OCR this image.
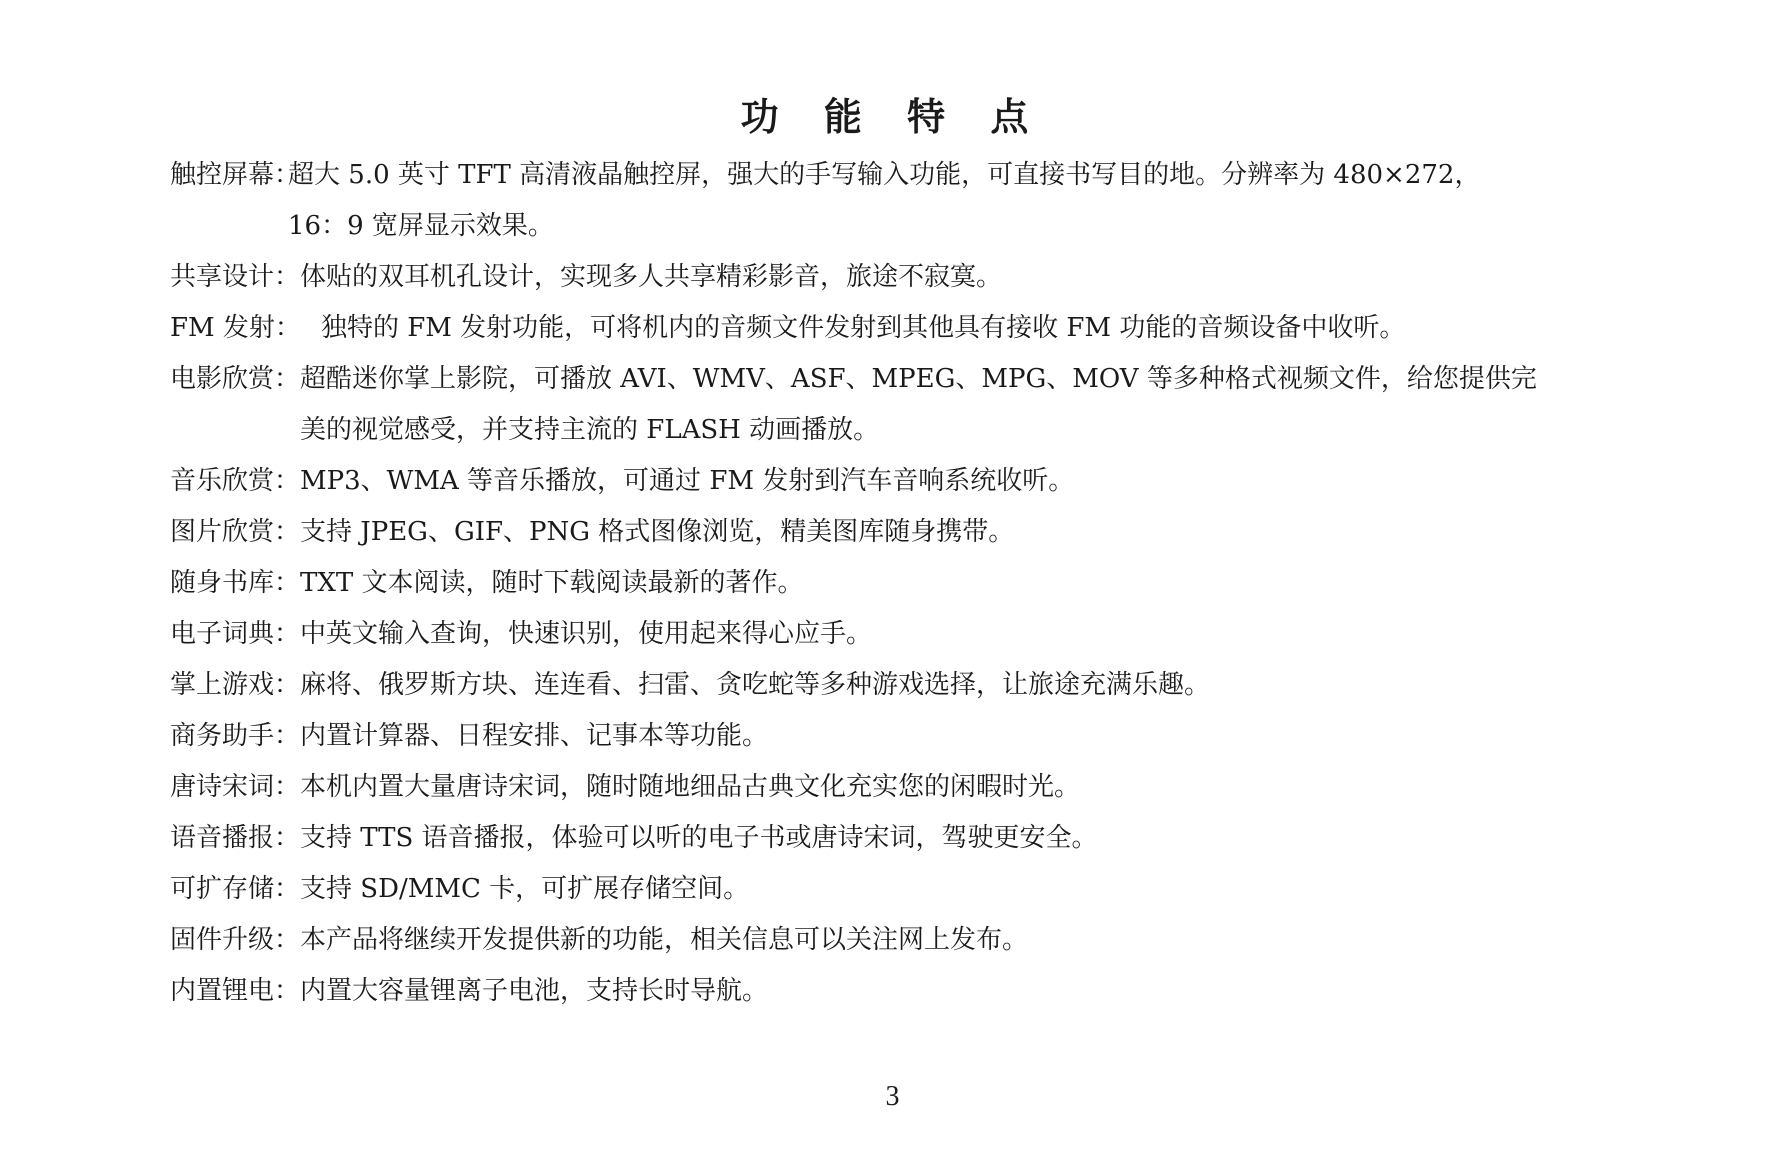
功 能 特 点
触控屏幕：
超大 5.0 英寸 TFT 高清液晶触控屏，强大的手写输入功能，可直接书写目的地。分辨率为 480×272，
16：9 宽屏显示效果。
共享设计： 体贴的双耳机孔设计，实现多人共享精彩影音，旅途不寂寞。
FM 发射： 独特的 FM 发射功能，可将机内的音频文件发射到其他具有接收 FM 功能的音频设备中收听。
电影欣赏： 超酷迷你掌上影院，可播放 AVI、WMV、ASF、MPEG、MPG、MOV 等多种格式视频文件，给您提供完
美的视觉感受，并支持主流的 FLASH 动画播放。
音乐欣赏： MP3、WMA 等音乐播放，可通过 FM 发射到汽车音响系统收听。
图片欣赏： 支持 JPEG、GIF、PNG 格式图像浏览，精美图库随身携带。
随身书库： TXT 文本阅读，随时下载阅读最新的著作。
电子词典： 中英文输入查询，快速识别，使用起来得心应手。
掌上游戏： 麻将、俄罗斯方块、连连看、扫雷、贪吃蛇等多种游戏选择，让旅途充满乐趣。
商务助手： 内置计算器、日程安排、记事本等功能。
唐诗宋词： 本机内置大量唐诗宋词，随时随地细品古典文化充实您的闲暇时光。
语音播报： 支持 TTS 语音播报，体验可以听的电子书或唐诗宋词，驾驶更安全。
可扩存储： 支持 SD/MMC 卡，可扩展存储空间。
固件升级： 本产品将继续开发提供新的功能，相关信息可以关注网上发布。
内置锂电： 内置大容量锂离子电池，支持长时导航。
3
